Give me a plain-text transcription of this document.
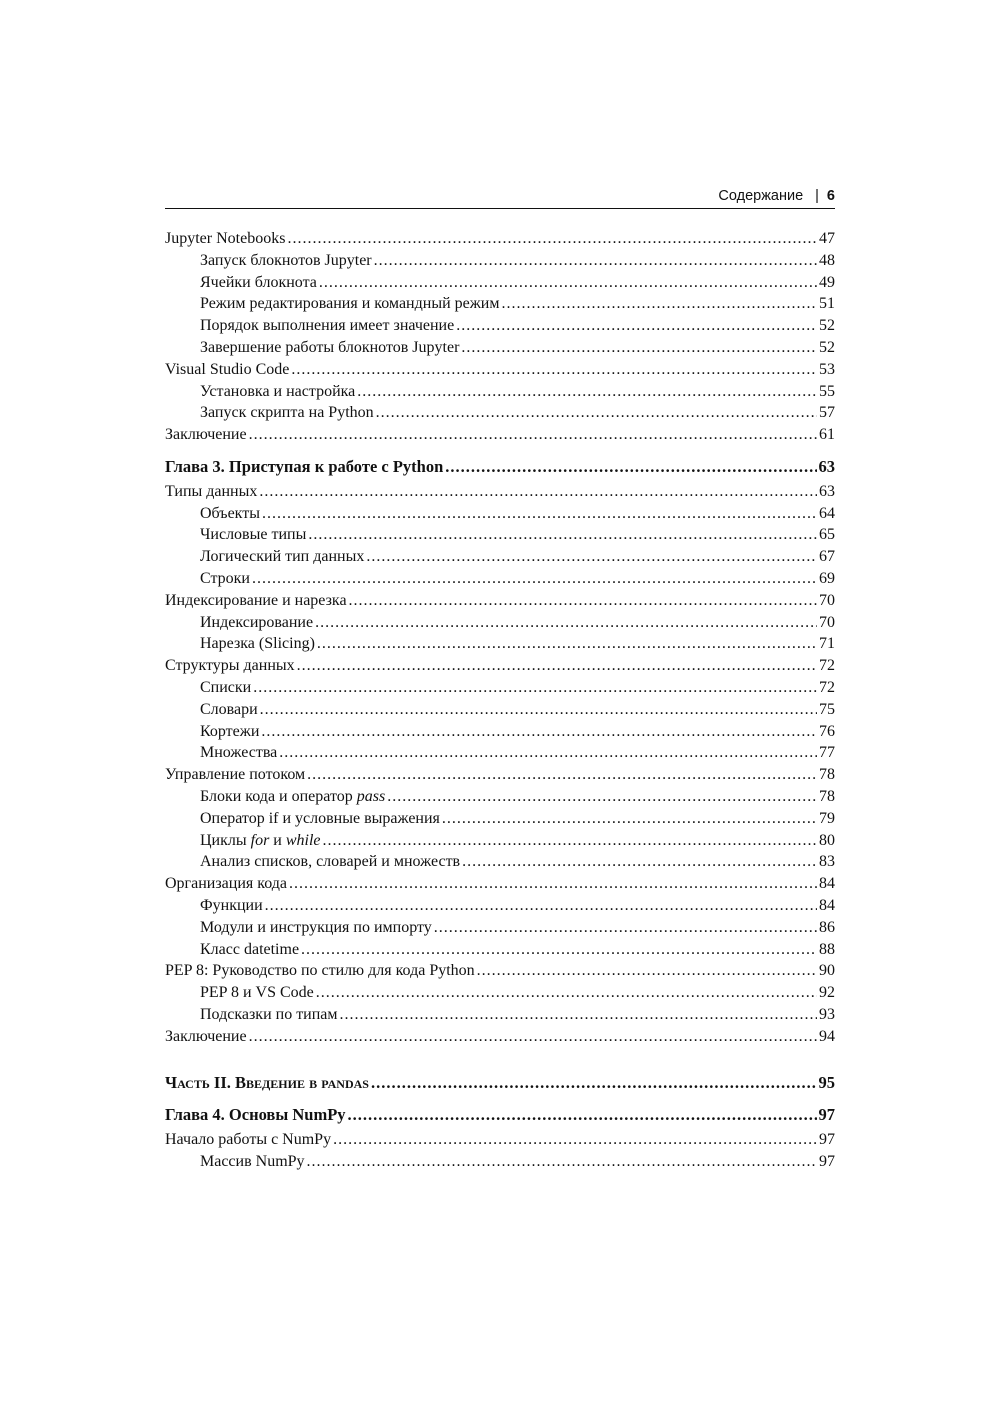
Содержание | 6
Jupyter Notebooks .....	47
Запуск блокнотов Jupyter .....	48
Ячейки блокнота .....	49
Режим редактирования и командный режим .....	51
Порядок выполнения имеет значение .....	52
Завершение работы блокнотов Jupyter .....	52
Visual Studio Code .....	53
Установка и настройка .....	55
Запуск скрипта на Python .....	57
Заключение .....	61
Глава 3. Приступая к работе с Python .....	63
Типы данных .....	63
Объекты .....	64
Числовые типы .....	65
Логический тип данных .....	67
Строки .....	69
Индексирование и нарезка .....	70
Индексирование .....	70
Нарезка (Slicing) .....	71
Структуры данных .....	72
Списки .....	72
Словари .....	75
Кортежи .....	76
Множества .....	77
Управление потоком .....	78
Блоки кода и оператор pass .....	78
Оператор if и условные выражения .....	79
Циклы for и while .....	80
Анализ списков, словарей и множеств .....	83
Организация кода .....	84
Функции .....	84
Модули и инструкция по импорту .....	86
Класс datetime .....	88
PEP 8: Руководство по стилю для кода Python .....	90
PEP 8 и VS Code .....	92
Подсказки по типам .....	93
Заключение .....	94
Часть II. Введение в pandas .....	95
Глава 4. Основы NumPy .....	97
Начало работы с NumPy .....	97
Массив NumPy .....	97
